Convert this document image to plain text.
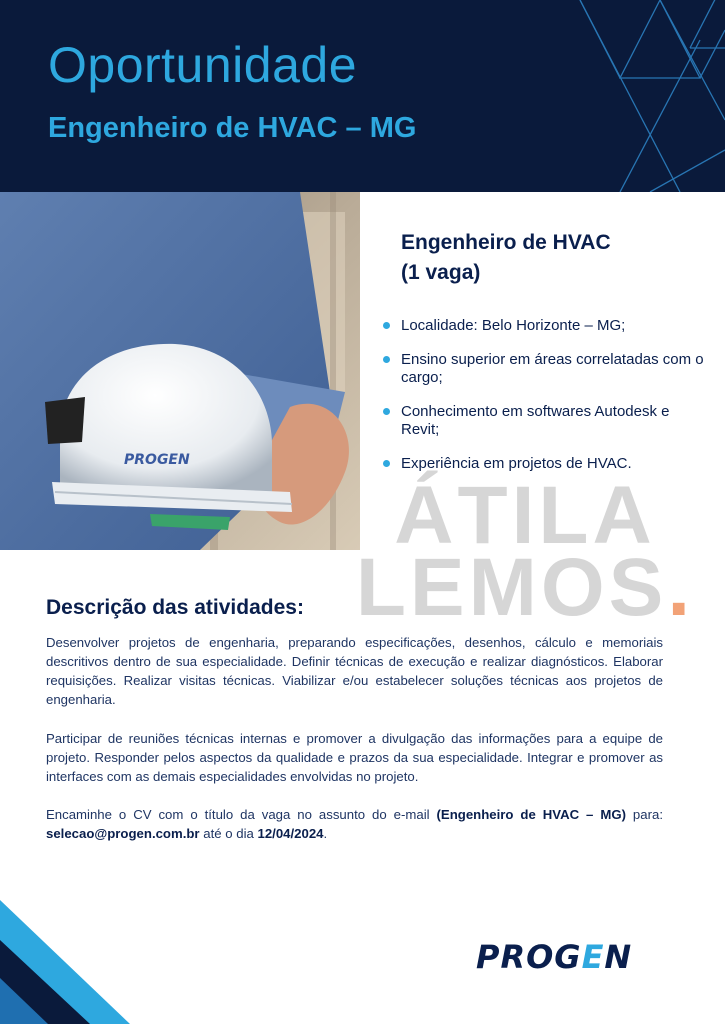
Oportunidade
Engenheiro de HVAC – MG
PROGEN
Engenheiro de HVAC
(1 vaga)
Localidade: Belo Horizonte – MG;
Ensino superior em áreas correlatadas com o cargo;
Conhecimento em softwares Autodesk e Revit;
Experiência em projetos de HVAC.
ÁTILA
LEMOS.
Descrição das atividades:

Desenvolver projetos de engenharia, preparando especificações, desenhos, cálculo e memoriais descritivos dentro de sua especialidade. Definir técnicas de execução e realizar diagnósticos. Elaborar requisições. Realizar visitas técnicas. Viabilizar e/ou estabelecer soluções técnicas aos projetos de engenharia.

Participar de reuniões técnicas internas e promover a divulgação das informações para a equipe de projeto. Responder pelos aspectos da qualidade e prazos da sua especialidade. Integrar e promover as interfaces com as demais especialidades envolvidas no projeto.

Encaminhe o CV com o título da vaga no assunto do e-mail (Engenheiro de HVAC – MG) para: selecao@progen.com.br até o dia 12/04/2024.

PROGEN
